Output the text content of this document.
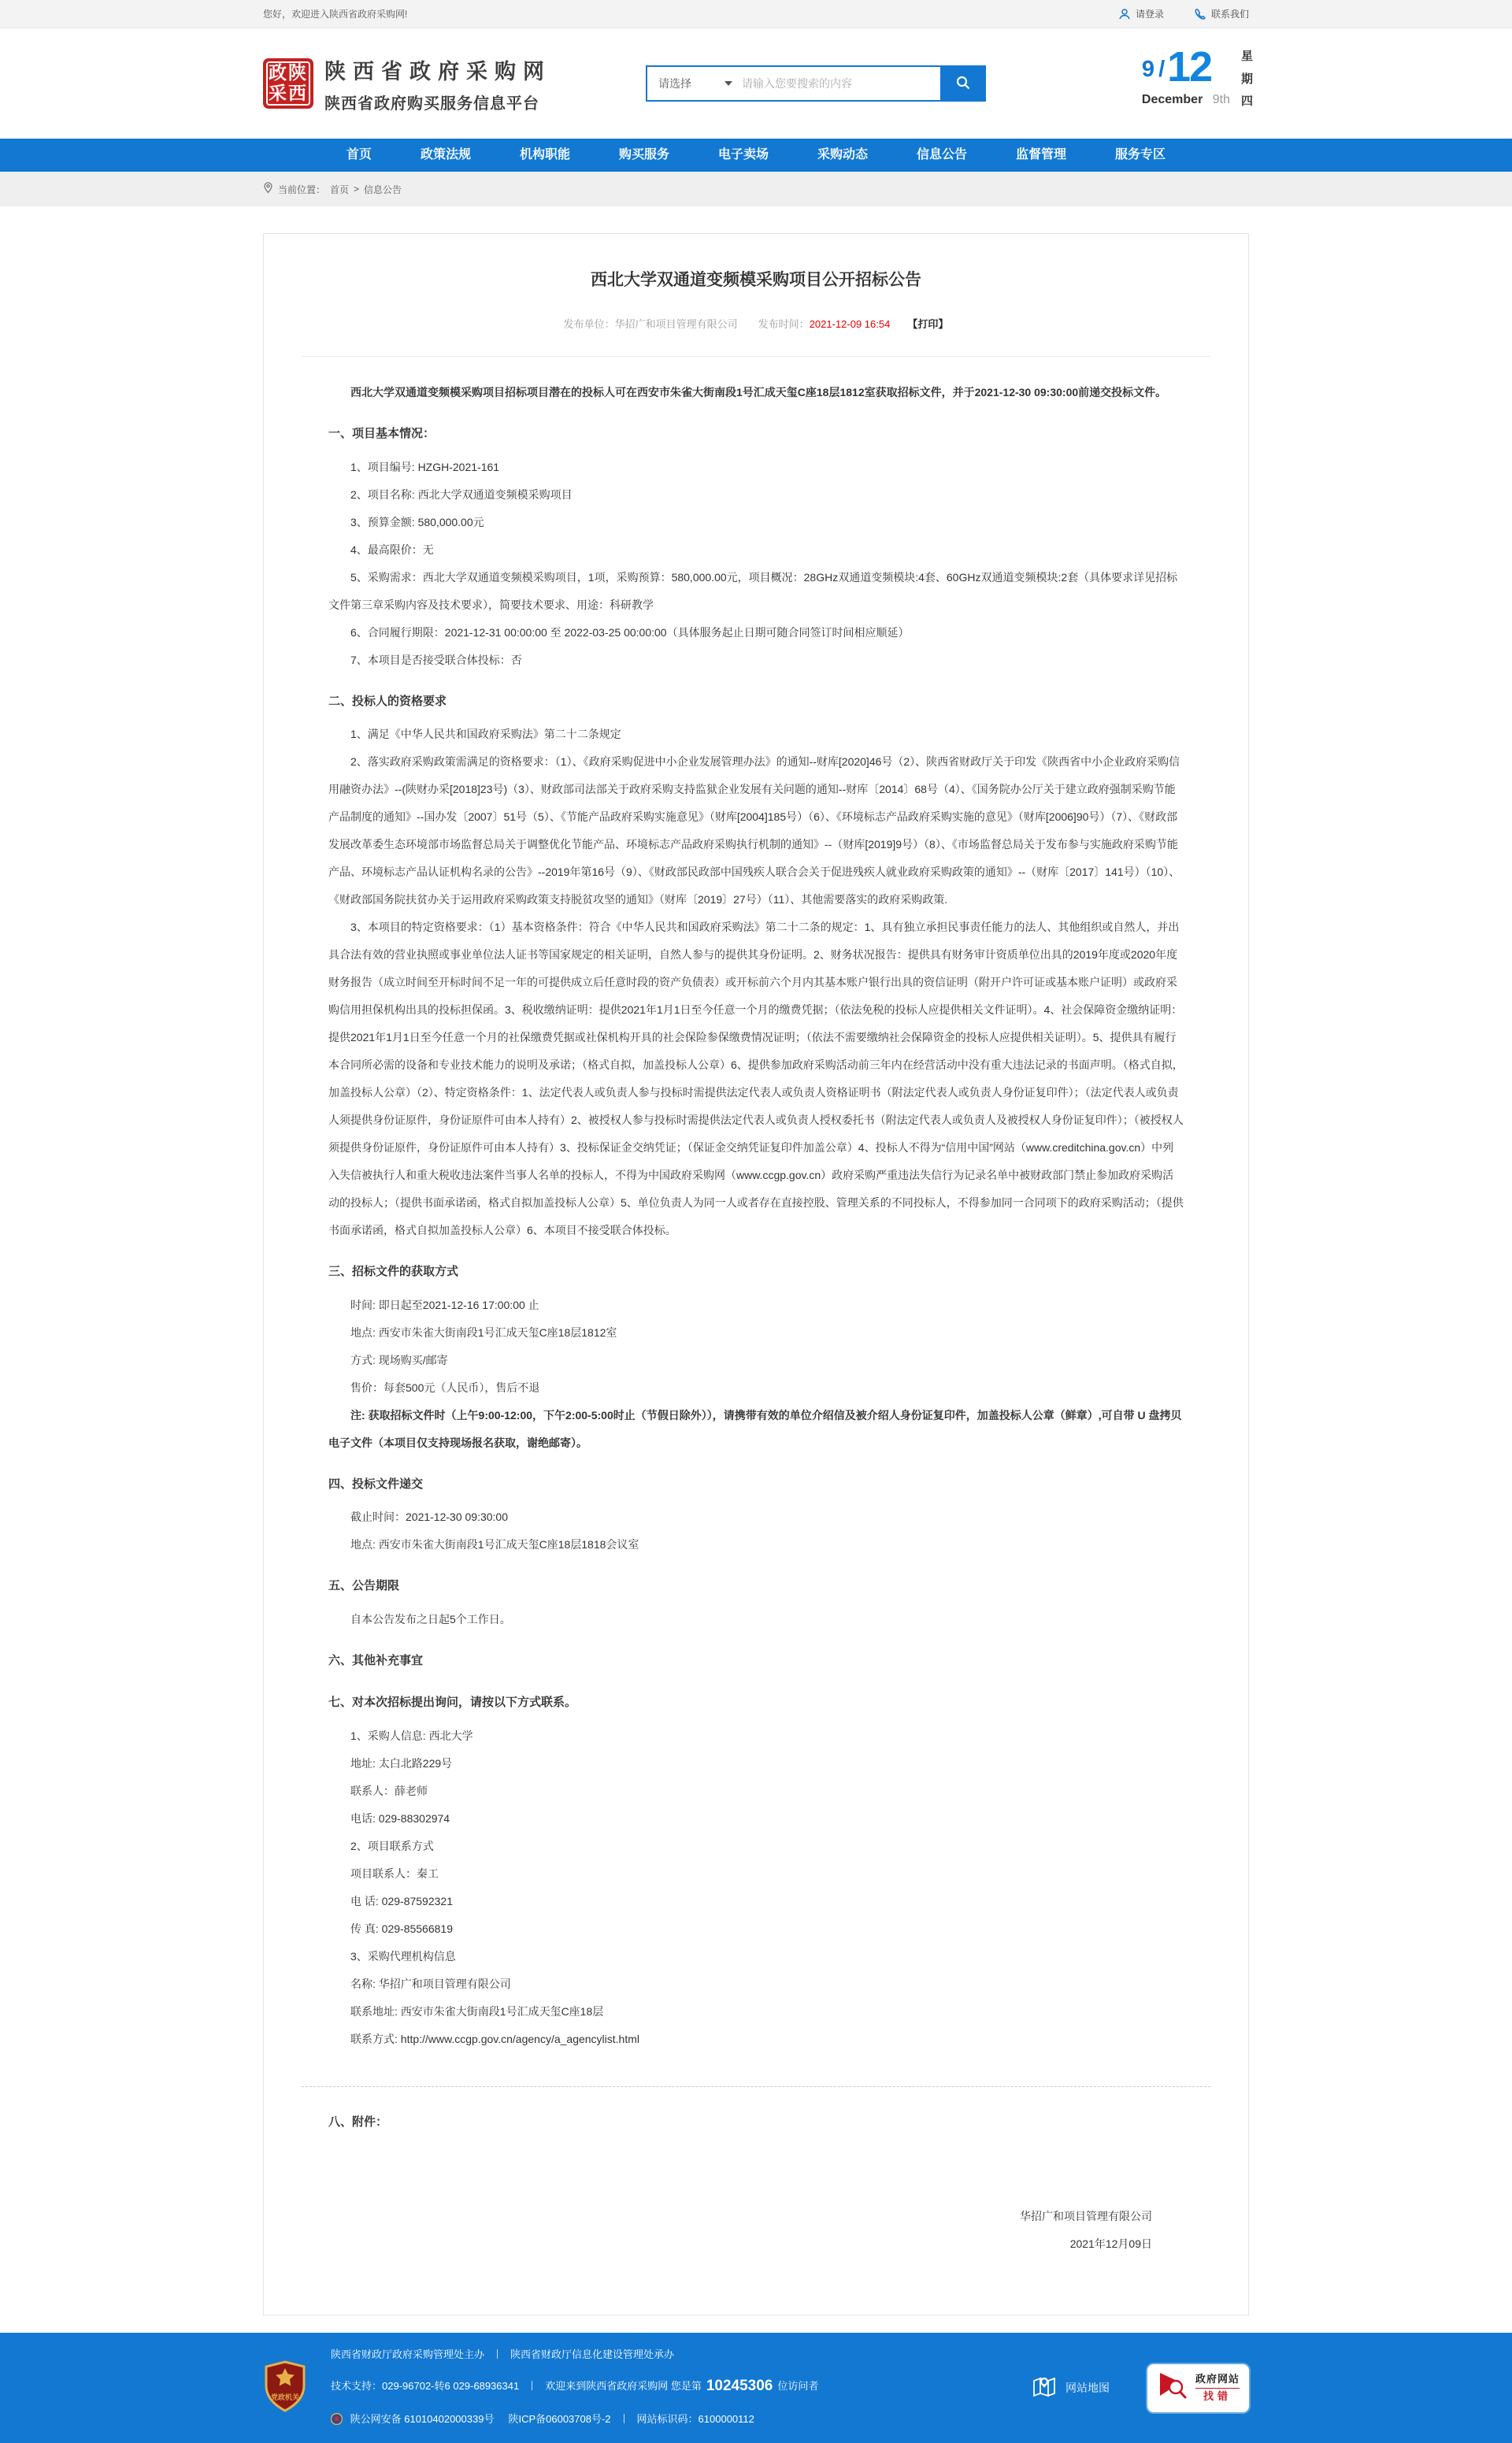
您好，欢迎进入陕西省政府采购网!	请登录	联系我们
政陕
采西
陕西省政府采购网
陕西省政府购买服务信息平台
请选择
请输入您要搜索的内容
9 / 12
December 9th
星期四
首页	政策法规	机构职能	购买服务	电子卖场	采购动态	信息公告	监督管理	服务专区
当前位置： 首页 > 信息公告
西北大学双通道变频模采购项目公开招标公告
发布单位：华招广和项目管理有限公司 发布时间：2021-12-09 16:54 【打印】
西北大学双通道变频模采购项目招标项目潜在的投标人可在西安市朱雀大街南段1号汇成天玺C座18层1812室获取招标文件，并于2021-12-30 09:30:00前递交投标文件。
一、项目基本情况：
1、项目编号: HZGH-2021-161
2、项目名称: 西北大学双通道变频模采购项目
3、预算金额: 580,000.00元
4、最高限价：无
5、采购需求：西北大学双通道变频模采购项目，1项，采购预算：580,000.00元，项目概况：28GHz双通道变频模块:4套、60GHz双通道变频模块:2套（具体要求详见招标文件第三章采购内容及技术要求），简要技术要求、用途：科研教学
6、合同履行期限：2021-12-31 00:00:00 至 2022-03-25 00:00:00（具体服务起止日期可随合同签订时间相应顺延）
7、本项目是否接受联合体投标：否
二、投标人的资格要求
1、满足《中华人民共和国政府采购法》第二十二条规定
2、落实政府采购政策需满足的资格要求：（1）、《政府采购促进中小企业发展管理办法》的通知--财库[2020]46号（2）、陕西省财政厅关于印发《陕西省中小企业政府采购信用融资办法》--(陕财办采[2018]23号)（3）、财政部司法部关于政府采购支持监狱企业发展有关问题的通知--财库〔2014〕68号（4）、《国务院办公厅关于建立政府强制采购节能产品制度的通知》--国办发〔2007〕51号（5）、《节能产品政府采购实施意见》（财库[2004]185号）（6）、《环境标志产品政府采购实施的意见》（财库[2006]90号）（7）、《财政部发展改革委生态环境部市场监督总局关于调整优化节能产品、环境标志产品政府采购执行机制的通知》--（财库[2019]9号）（8）、《市场监督总局关于发布参与实施政府采购节能产品、环境标志产品认证机构名录的公告》--2019年第16号（9）、《财政部民政部中国残疾人联合会关于促进残疾人就业政府采购政策的通知》--（财库〔2017〕141号）（10）、《财政部国务院扶贫办关于运用政府采购政策支持脱贫攻坚的通知》（财库〔2019〕27号）（11）、其他需要落实的政府采购政策.
3、本项目的特定资格要求：（1）基本资格条件：符合《中华人民共和国政府采购法》第二十二条的规定：1、具有独立承担民事责任能力的法人、其他组织或自然人，并出具合法有效的营业执照或事业单位法人证书等国家规定的相关证明，自然人参与的提供其身份证明。2、财务状况报告：提供具有财务审计资质单位出具的2019年度或2020年度财务报告（成立时间至开标时间不足一年的可提供成立后任意时段的资产负债表）或开标前六个月内其基本账户银行出具的资信证明（附开户许可证或基本账户证明）或政府采购信用担保机构出具的投标担保函。3、税收缴纳证明：提供2021年1月1日至今任意一个月的缴费凭据；（依法免税的投标人应提供相关文件证明）。4、社会保障资金缴纳证明：提供2021年1月1日至今任意一个月的社保缴费凭据或社保机构开具的社会保险参保缴费情况证明；（依法不需要缴纳社会保障资金的投标人应提供相关证明）。5、提供具有履行本合同所必需的设备和专业技术能力的说明及承诺；（格式自拟，加盖投标人公章）6、提供参加政府采购活动前三年内在经营活动中没有重大违法记录的书面声明。（格式自拟，加盖投标人公章）（2）、特定资格条件：1、法定代表人或负责人参与投标时需提供法定代表人或负责人资格证明书（附法定代表人或负责人身份证复印件）；（法定代表人或负责人须提供身份证原件，身份证原件可由本人持有）2、被授权人参与投标时需提供法定代表人或负责人授权委托书（附法定代表人或负责人及被授权人身份证复印件）；（被授权人须提供身份证原件，身份证原件可由本人持有）3、投标保证金交纳凭证；（保证金交纳凭证复印件加盖公章）4、投标人不得为“信用中国”网站（www.creditchina.gov.cn）中列入失信被执行人和重大税收违法案件当事人名单的投标人，不得为中国政府采购网（www.ccgp.gov.cn）政府采购严重违法失信行为记录名单中被财政部门禁止参加政府采购活动的投标人；（提供书面承诺函，格式自拟加盖投标人公章）5、单位负责人为同一人或者存在直接控股、管理关系的不同投标人，不得参加同一合同项下的政府采购活动；（提供书面承诺函，格式自拟加盖投标人公章）6、本项目不接受联合体投标。
三、招标文件的获取方式
时间: 即日起至2021-12-16 17:00:00 止
地点: 西安市朱雀大街南段1号汇成天玺C座18层1812室
方式: 现场购买/邮寄
售价：每套500元（人民币），售后不退
注: 获取招标文件时（上午9:00-12:00，下午2:00-5:00时止（节假日除外）），请携带有效的单位介绍信及被介绍人身份证复印件，加盖投标人公章（鲜章）,可自带 U 盘拷贝电子文件（本项目仅支持现场报名获取，谢绝邮寄）。
四、投标文件递交
截止时间：2021-12-30 09:30:00
地点: 西安市朱雀大街南段1号汇成天玺C座18层1818会议室
五、公告期限
自本公告发布之日起5个工作日。
六、其他补充事宜
七、对本次招标提出询问，请按以下方式联系。
1、采购人信息: 西北大学
地址: 太白北路229号
联系人：薛老师
电话: 029-88302974
2、项目联系方式
项目联系人：秦工
电 话: 029-87592321
传 真: 029-85566819
3、采购代理机构信息
名称: 华招广和项目管理有限公司
联系地址: 西安市朱雀大街南段1号汇成天玺C座18层
联系方式: http://www.ccgp.gov.cn/agency/a_agencylist.html
八、附件：
华招广和项目管理有限公司
2021年12月09日
党政机关
陕西省财政厅政府采购管理处主办	陕西省财政厅信息化建设管理处承办
技术支持：029-96702-转6 029-68936341	欢迎来到陕西省政府采购网 您是第 10245306 位访问者
陕公网安备 61010402000339号 陕ICP备06003708号-2	网站标识码：6100000112
网站地图
政府网站
找错
